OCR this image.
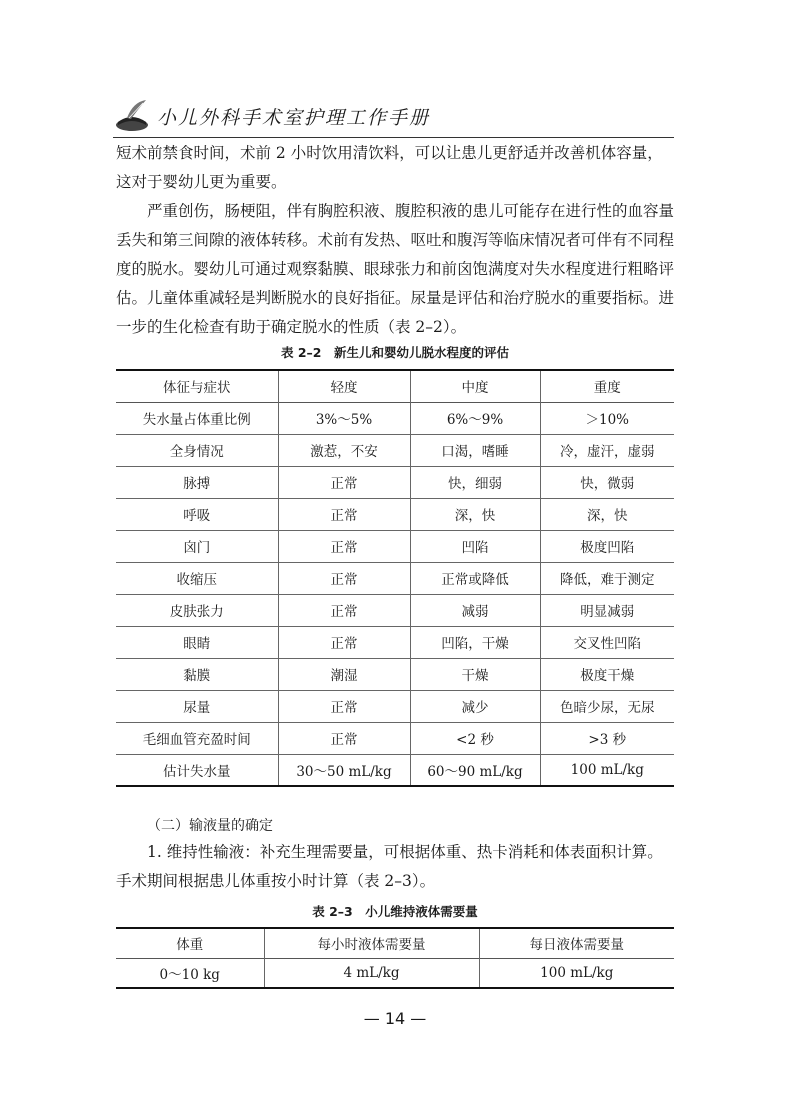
小儿外科手术室护理工作手册

短术前禁食时间，术前 2 小时饮用清饮料，可以让患儿更舒适并改善机体容量，这对于婴幼儿更为重要。

严重创伤，肠梗阻，伴有胸腔积液、腹腔积液的患儿可能存在进行性的血容量丢失和第三间隙的液体转移。术前有发热、呕吐和腹泻等临床情况者可伴有不同程度的脱水。婴幼儿可通过观察黏膜、眼球张力和前囟饱满度对失水程度进行粗略评估。儿童体重减轻是判断脱水的良好指征。尿量是评估和治疗脱水的重要指标。进一步的生化检查有助于确定脱水的性质（表 2–2）。

表 2–2　新生儿和婴幼儿脱水程度的评估
体征与症状	轻度	中度	重度
失水量占体重比例	3%～5%	6%～9%	＞10%
全身情况	激惹，不安	口渴，嗜睡	冷，虚汗，虚弱
脉搏	正常	快，细弱	快，微弱
呼吸	正常	深，快	深，快
囟门	正常	凹陷	极度凹陷
收缩压	正常	正常或降低	降低，难于测定
皮肤张力	正常	减弱	明显减弱
眼睛	正常	凹陷，干燥	交叉性凹陷
黏膜	潮湿	干燥	极度干燥
尿量	正常	减少	色暗少尿，无尿
毛细血管充盈时间	正常	<2 秒	>3 秒
估计失水量	30～50 mL/kg	60～90 mL/kg	100 mL/kg
（二）输液量的确定

1. 维持性输液：补充生理需要量，可根据体重、热卡消耗和体表面积计算。手术期间根据患儿体重按小时计算（表 2–3）。

表 2–3　小儿维持液体需要量
体重	每小时液体需要量	每日液体需要量
0～10 kg	4 mL/kg	100 mL/kg
— 14 —
